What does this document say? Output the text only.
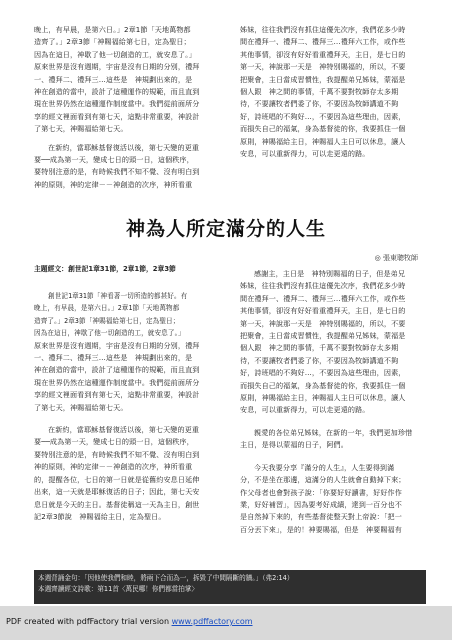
神為人所定滿分的人生
◎ 張東聰牧師
主題經文：創世記1章31節，2章1節，2章3節

創世記1章31節「神看著一切所造的都甚好。有

晚上，有早晨，是第六日。」2章1節「天地萬物都

造齊了。」2章3節「神賜福給第七日，定為聖日；

因為在這日，神歇了他一切創造的工，就安息了。」

原來世界是沒有週期，宇宙是沒有日期的分別，禮拜

一、禮拜二、禮拜三…這些是　神規劃出來的，是

神在創造的當中，設計了這種運作的規範，而且直到

現在世界仍然在這種運作制度當中。我們從前面所分

享的經文裡面看到有第七天，這點非常重要，神設計

了第七天，神賜福給第七天。

在新約，當耶穌基督復活以後，第七天變的更重

要──成為第一天，變成七日的頭一日，這個秩序，

要特別注意的是，有時候我們不知不覺、沒有明白到

神的原則，神的定律－－神創造的次序，神所看重

的，提醒各位，七日的第一日就是從舊約安息日延伸

出來，這一天就是耶穌復活的日子；因此，第七天安

息日就是今天的主日。基督徒稱這一天為主日，創世

記2章3節說　神賜福給主日，定為聖日。

感謝主，主日是　神特別賜福的日子，但是弟兄

姊妹，往往我們沒有抓住這優先次序，我們花多少時

間在禮拜一、禮拜二、禮拜三…禮拜六工作，或作些

其他事情，卻沒有好好看重禮拜天，主日，是七日的

第一天，神說那一天是　神特別賜福的，所以，不要

把聚會，主日當成習慣性，我提醒弟兄姊妹，蒙福是

個人跟　神之間的事情，千萬不要對牧師存太多期

待，不要讓牧者們委了你，不要因為牧師講道不夠

好，詩班唱的不夠好…，不要因為這些理由，因素，

而損失自己的福氣，身為基督徒的你，我要抓住一個

原則，神賜福給主日，神賜福人主日可以休息，讓人

安息，可以重新得力，可以走更遠的路。

親愛的各位弟兄姊妹，在新的一年，我們更加珍惜

主日，是得以蒙福的日子，阿們。

今天我要分享『滿分的人生』，人生要得到滿

分，不是坐在那邊，這滿分的人生就會自動掉下來；

作父母者也會對孩子說：「你要好好讀書，好好作作

業，好好補習」，因為要考好成績，達到一百分也不

是自然掉下來的，有些基督徒整天對上帝說：「把一

百分丟下來」，是的！神要賜福，但是　神要賜福有

晚上，有早晨，是第六日。」2章1節「天地萬物都

造齊了。」2章3節「神賜福給第七日，定為聖日；

因為在這日，神歇了他一切創造的工，就安息了。」

原來世界是沒有週期，宇宙是沒有日期的分別，禮拜

一、禮拜二、禮拜三…這些是　神規劃出來的，是

神在創造的當中，設計了這種運作的規範，而且直到

現在世界仍然在這種運作制度當中。我們從前面所分

享的經文裡面看到有第七天，這點非常重要，神設計

了第七天，神賜福給第七天。

在新約，當耶穌基督復活以後，第七天變的更重

要──成為第一天，變成七日的頭一日，這個秩序，

要特別注意的是，有時候我們不知不覺、沒有明白到

神的原則，神的定律－－神創造的次序，神所看重

姊妹，往往我們沒有抓住這優先次序，我們花多少時

間在禮拜一、禮拜二、禮拜三…禮拜六工作，或作些

其他事情，卻沒有好好看重禮拜天，主日，是七日的

第一天，神說那一天是　神特別賜福的，所以，不要

把聚會，主日當成習慣性，我提醒弟兄姊妹，蒙福是

個人跟　神之間的事情，千萬不要對牧師存太多期

待，不要讓牧者們委了你，不要因為牧師講道不夠

好，詩班唱的不夠好…，不要因為這些理由，因素，

而損失自己的福氣，身為基督徒的你，我要抓住一個

原則，神賜福給主日，神賜福人主日可以休息，讓人

安息，可以重新得力，可以走更遠的路。

本週背誦金句：「因他使我們和睦，將兩下合而為一，拆毀了中間隔斷的牆。」（弗2:14）
本週齊讀經文詩歌：第11首〈萬民哪！你們都當拍掌〉
PDF created with pdfFactory trial version www.pdffactory.com
